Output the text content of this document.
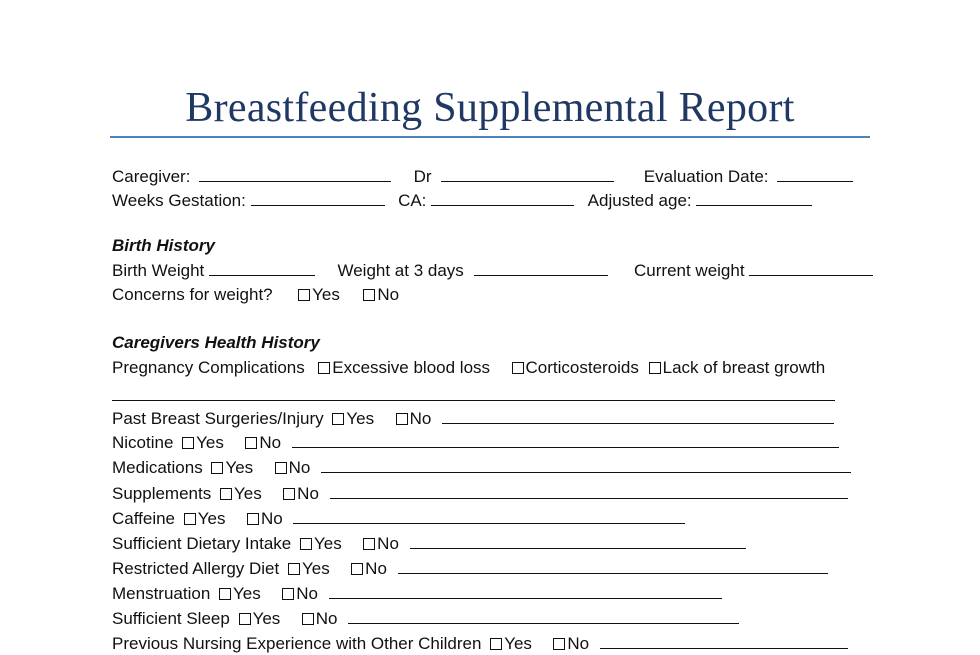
Breastfeeding Supplemental Report
Caregiver:	Dr	Evaluation Date:
Weeks Gestation:	CA:	Adjusted age:
Birth History
Birth Weight	Weight at 3 days	Current weight
Concerns for weight? Yes No
Caregivers Health History
Pregnancy Complications Excessive blood loss Corticosteroids Lack of breast growth
Past Breast Surgeries/Injury Yes No
Nicotine Yes No
Medications Yes No
Supplements Yes No
Caffeine Yes No
Sufficient Dietary Intake Yes No
Restricted Allergy Diet Yes No
Menstruation Yes No
Sufficient Sleep Yes No
Previous Nursing Experience with Other Children Yes No
